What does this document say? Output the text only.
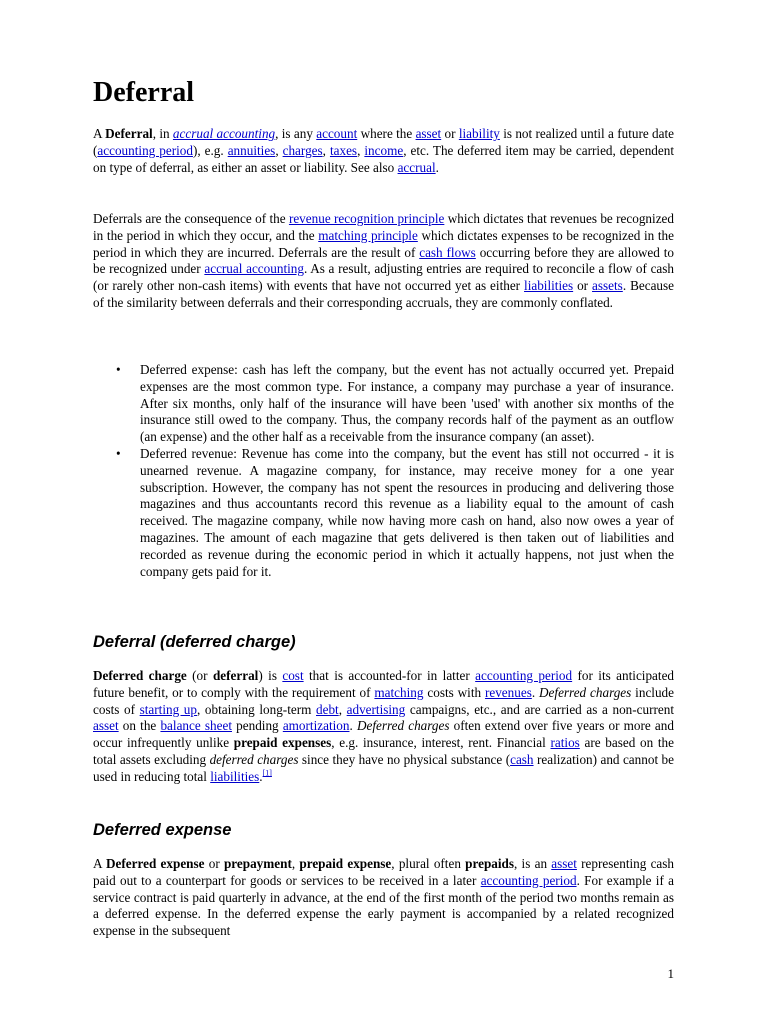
Deferral

A Deferral, in accrual accounting, is any account where the asset or liability is not realized until a future date (accounting period), e.g. annuities, charges, taxes, income, etc. The deferred item may be carried, dependent on type of deferral, as either an asset or liability. See also accrual.

Deferrals are the consequence of the revenue recognition principle which dictates that revenues be recognized in the period in which they occur, and the matching principle which dictates expenses to be recognized in the period in which they are incurred. Deferrals are the result of cash flows occurring before they are allowed to be recognized under accrual accounting. As a result, adjusting entries are required to reconcile a flow of cash (or rarely other non-cash items) with events that have not occurred yet as either liabilities or assets. Because of the similarity between deferrals and their corresponding accruals, they are commonly conflated.

• Deferred expense: cash has left the company, but the event has not actually occurred yet. Prepaid expenses are the most common type. For instance, a company may purchase a year of insurance. After six months, only half of the insurance will have been 'used' with another six months of the insurance still owed to the company. Thus, the company records half of the payment as an outflow (an expense) and the other half as a receivable from the insurance company (an asset).
• Deferred revenue: Revenue has come into the company, but the event has still not occurred - it is unearned revenue. A magazine company, for instance, may receive money for a one year subscription. However, the company has not spent the resources in producing and delivering those magazines and thus accountants record this revenue as a liability equal to the amount of cash received. The magazine company, while now having more cash on hand, also now owes a year of magazines. The amount of each magazine that gets delivered is then taken out of liabilities and recorded as revenue during the economic period in which it actually happens, not just when the company gets paid for it.
Deferral (deferred charge)

Deferred charge (or deferral) is cost that is accounted-for in latter accounting period for its anticipated future benefit, or to comply with the requirement of matching costs with revenues. Deferred charges include costs of starting up, obtaining long-term debt, advertising campaigns, etc., and are carried as a non-current asset on the balance sheet pending amortization. Deferred charges often extend over five years or more and occur infrequently unlike prepaid expenses, e.g. insurance, interest, rent. Financial ratios are based on the total assets excluding deferred charges since they have no physical substance (cash realization) and cannot be used in reducing total liabilities.[1]

Deferred expense

A Deferred expense or prepayment, prepaid expense, plural often prepaids, is an asset representing cash paid out to a counterpart for goods or services to be received in a later accounting period. For example if a service contract is paid quarterly in advance, at the end of the first month of the period two months remain as a deferred expense. In the deferred expense the early payment is accompanied by a related recognized expense in the subsequent

1
